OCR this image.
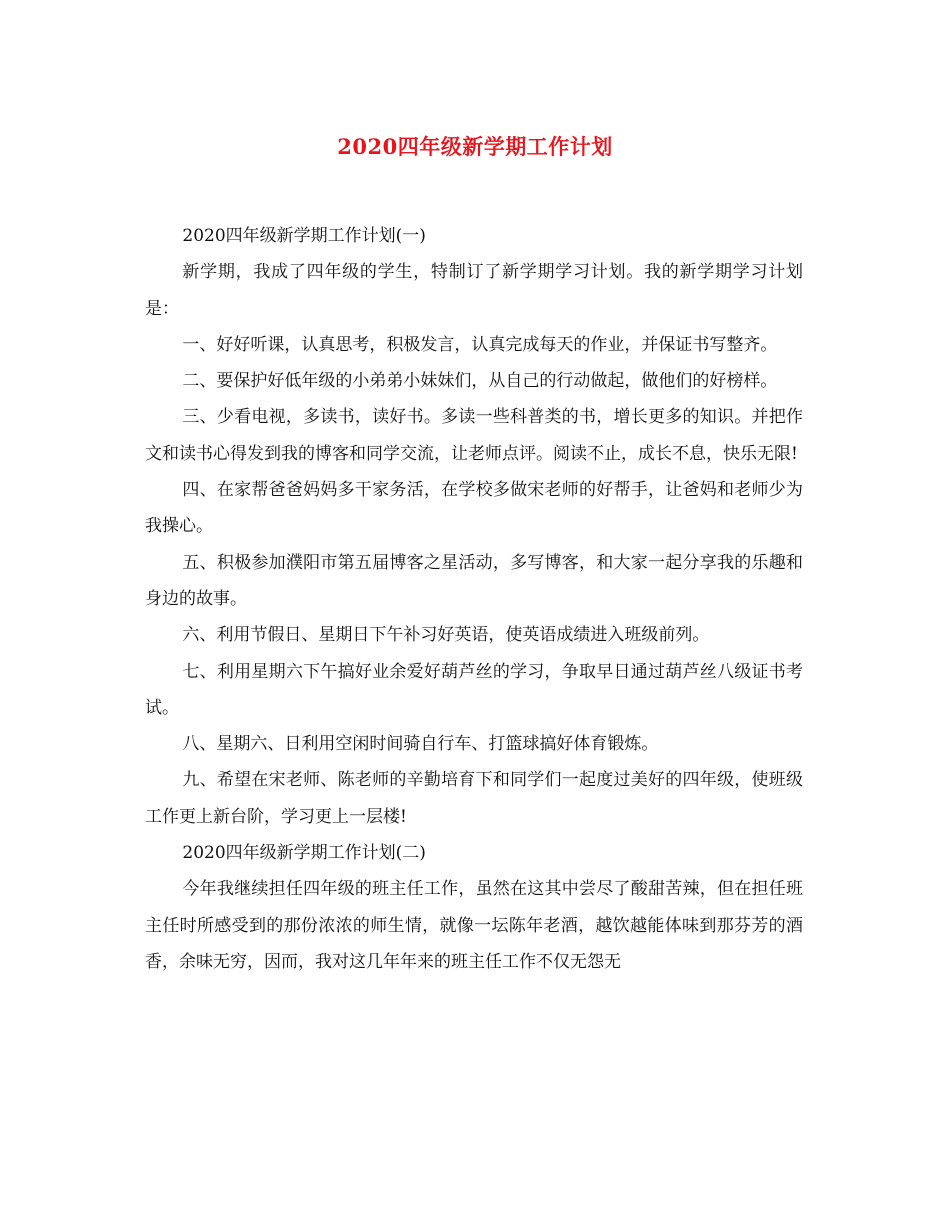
2020四年级新学期工作计划

2020四年级新学期工作计划(一)

新学期，我成了四年级的学生，特制订了新学期学习计划。我的新学期学习计划是：

一、好好听课，认真思考，积极发言，认真完成每天的作业，并保证书写整齐。

二、要保护好低年级的小弟弟小妹妹们，从自己的行动做起，做他们的好榜样。

三、少看电视，多读书，读好书。多读一些科普类的书，增长更多的知识。并把作文和读书心得发到我的博客和同学交流，让老师点评。阅读不止，成长不息，快乐无限!

四、在家帮爸爸妈妈多干家务活，在学校多做宋老师的好帮手，让爸妈和老师少为我操心。

五、积极参加濮阳市第五届博客之星活动，多写博客，和大家一起分享我的乐趣和身边的故事。

六、利用节假日、星期日下午补习好英语，使英语成绩进入班级前列。

七、利用星期六下午搞好业余爱好葫芦丝的学习，争取早日通过葫芦丝八级证书考试。

八、星期六、日利用空闲时间骑自行车、打篮球搞好体育锻炼。

九、希望在宋老师、陈老师的辛勤培育下和同学们一起度过美好的四年级，使班级工作更上新台阶，学习更上一层楼!

2020四年级新学期工作计划(二)

今年我继续担任四年级的班主任工作，虽然在这其中尝尽了酸甜苦辣，但在担任班主任时所感受到的那份浓浓的师生情，就像一坛陈年老酒，越饮越能体味到那芬芳的酒香，余味无穷，因而，我对这几年年来的班主任工作不仅无怨无
